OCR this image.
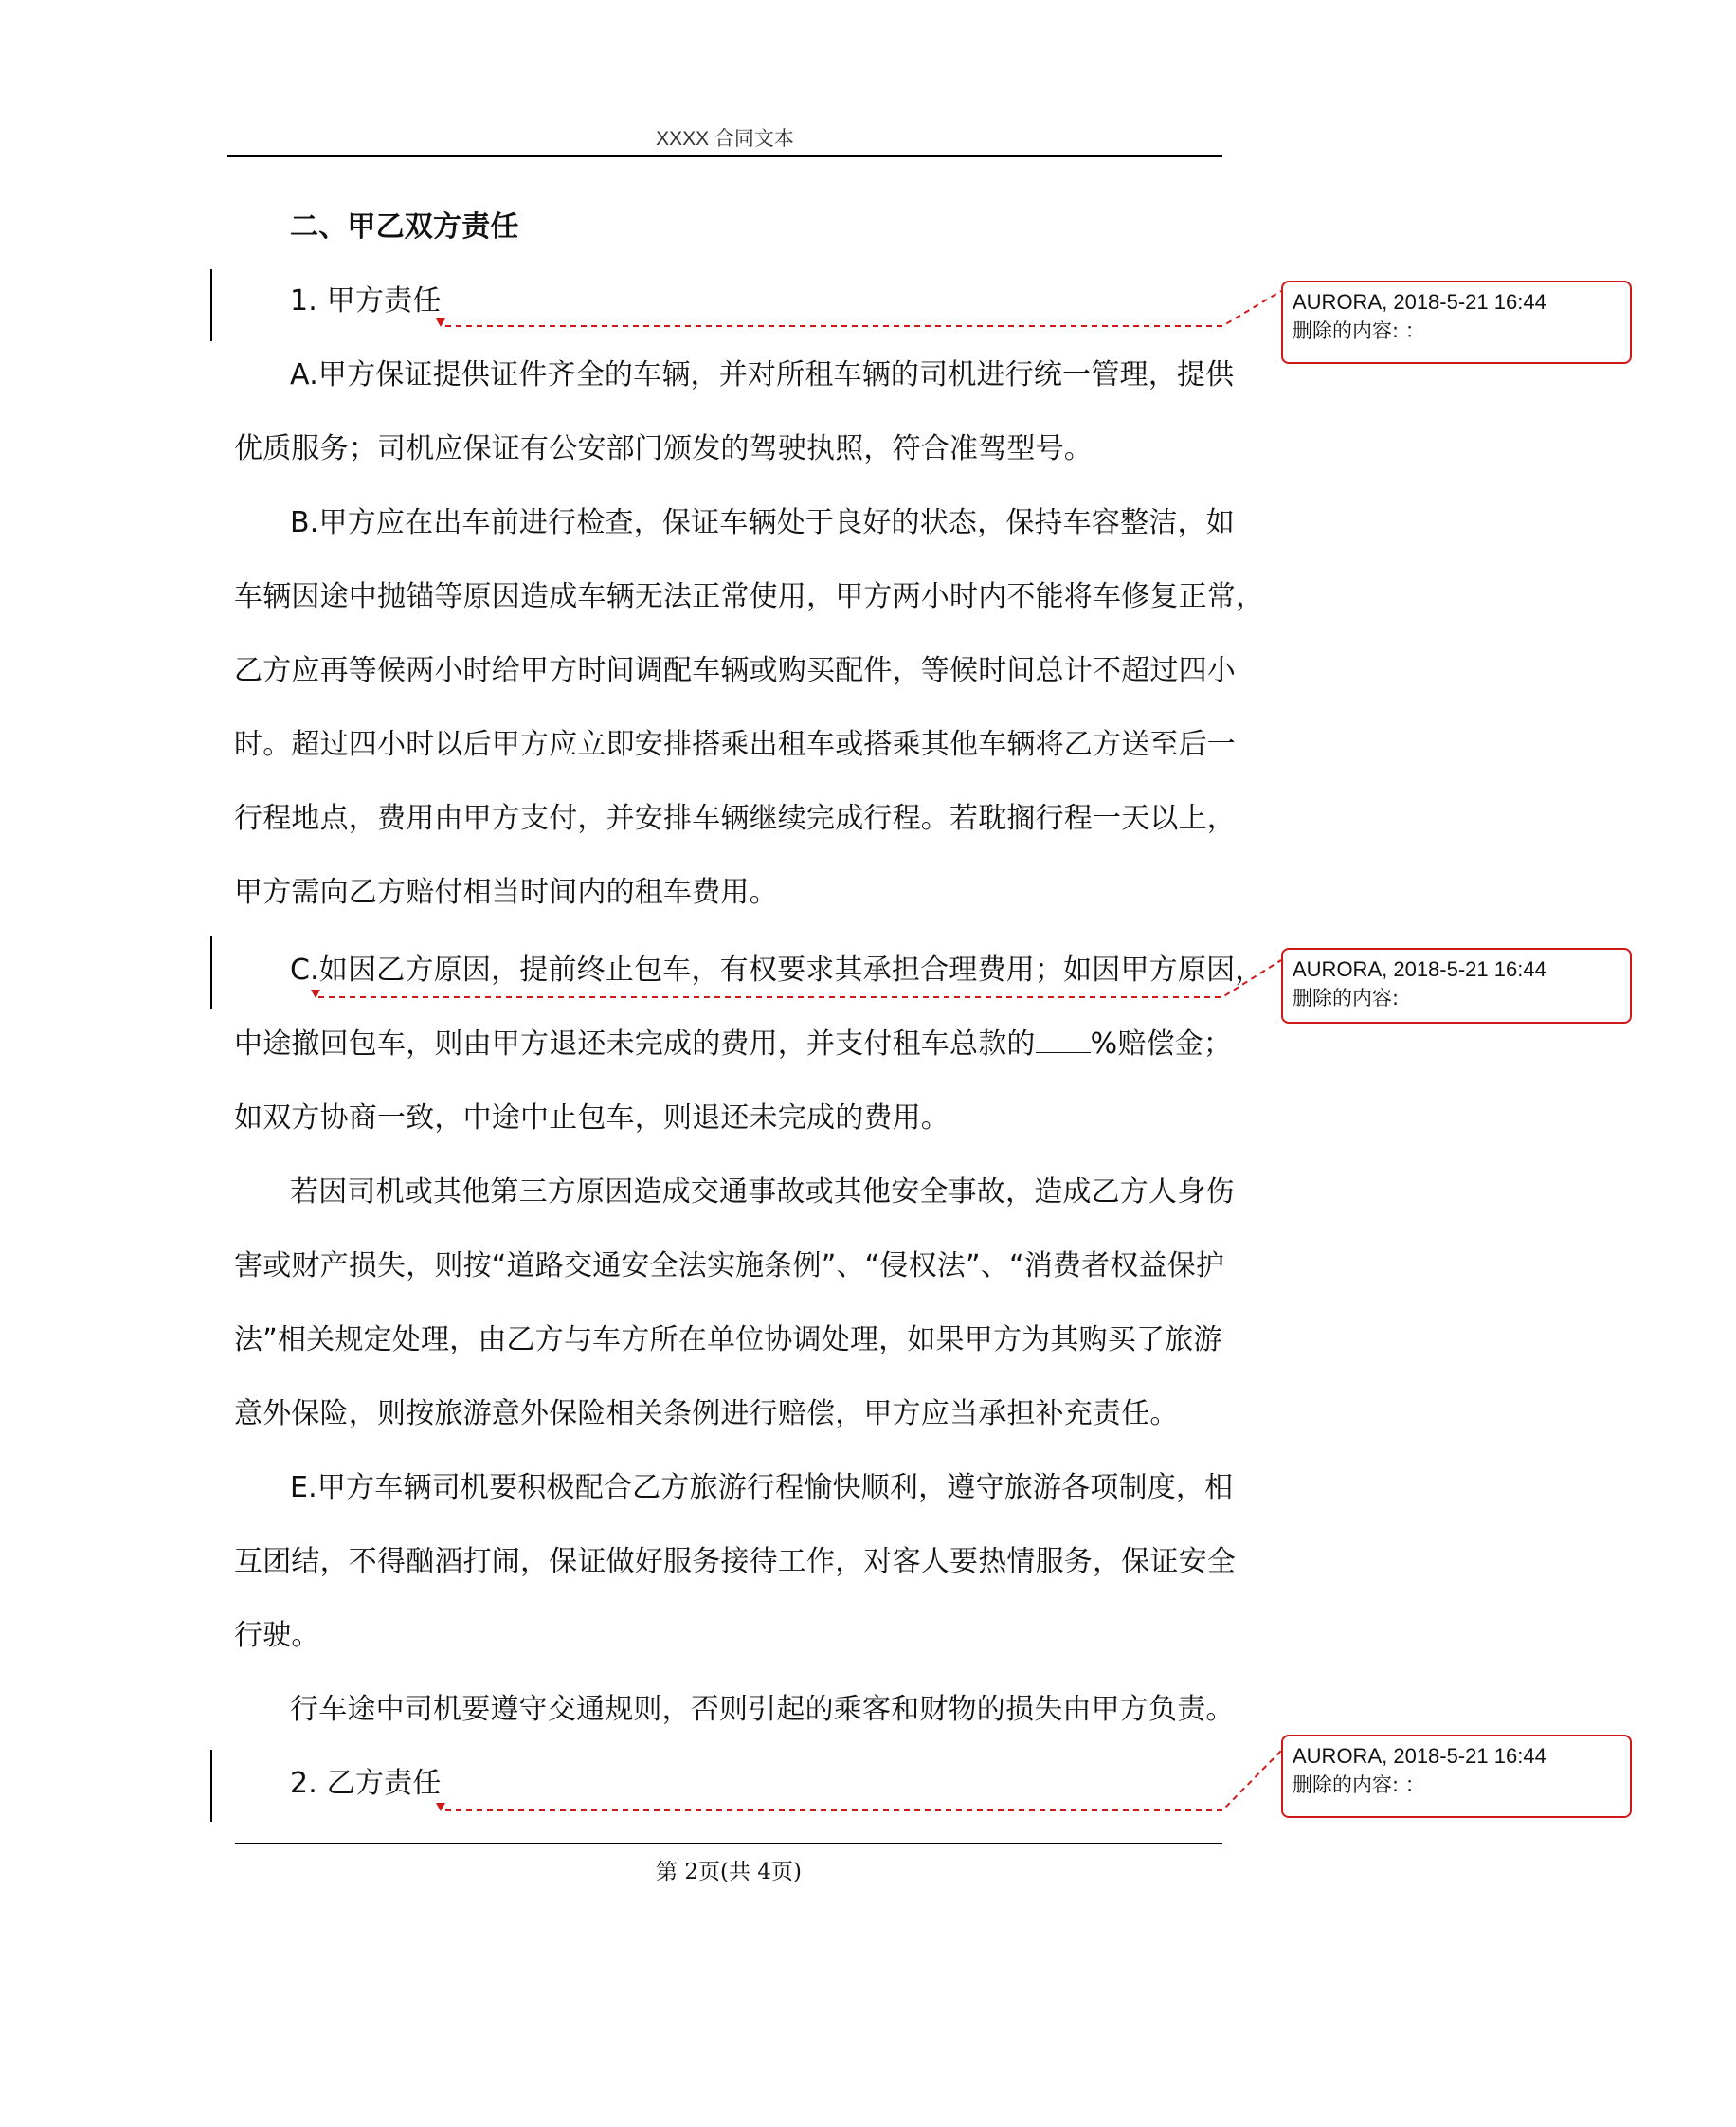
XXXX 合同文本
二、甲乙双方责任
1. 甲方责任
A.甲方保证提供证件齐全的车辆，并对所租车辆的司机进行统一管理，提供
优质服务；司机应保证有公安部门颁发的驾驶执照，符合准驾型号。
B.甲方应在出车前进行检查，保证车辆处于良好的状态，保持车容整洁，如
车辆因途中抛锚等原因造成车辆无法正常使用，甲方两小时内不能将车修复正常，
乙方应再等候两小时给甲方时间调配车辆或购买配件，等候时间总计不超过四小
时。超过四小时以后甲方应立即安排搭乘出租车或搭乘其他车辆将乙方送至后一
行程地点，费用由甲方支付，并安排车辆继续完成行程。若耽搁行程一天以上，
甲方需向乙方赔付相当时间内的租车费用。
C.如因乙方原因，提前终止包车，有权要求其承担合理费用；如因甲方原因，
中途撤回包车，则由甲方退还未完成的费用，并支付租车总款的 %赔偿金；
如双方协商一致，中途中止包车，则退还未完成的费用。
若因司机或其他第三方原因造成交通事故或其他安全事故，造成乙方人身伤
害或财产损失，则按“道路交通安全法实施条例”、“侵权法”、“消费者权益保护
法”相关规定处理，由乙方与车方所在单位协调处理，如果甲方为其购买了旅游
意外保险，则按旅游意外保险相关条例进行赔偿，甲方应当承担补充责任。
E.甲方车辆司机要积极配合乙方旅游行程愉快顺利，遵守旅游各项制度，相
互团结，不得酗酒打闹，保证做好服务接待工作，对客人要热情服务，保证安全
行驶。
行车途中司机要遵守交通规则，否则引起的乘客和财物的损失由甲方负责。
2. 乙方责任
AURORA, 2018-5-21 16:44
删除的内容: ：
AURORA, 2018-5-21 16:44
删除的内容:
AURORA, 2018-5-21 16:44
删除的内容: ：
第 2页(共 4页)
